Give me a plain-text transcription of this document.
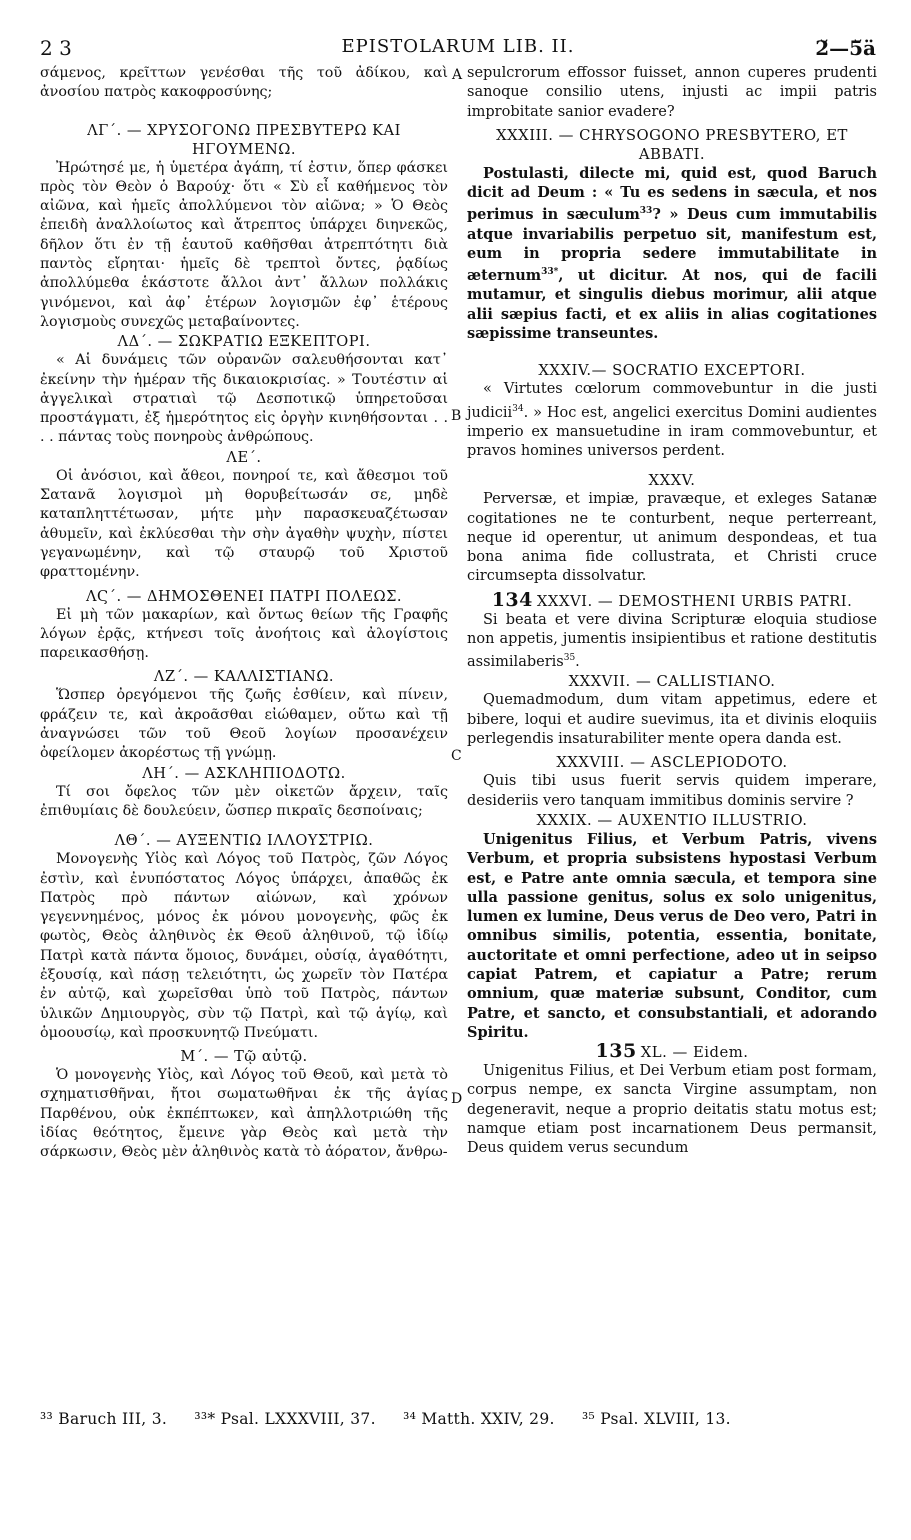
2 3	EPISTOLARUM LIB. II.	2̆—5̆ä
A
B
C
D

σάμενος, κρεῖττων γενέσθαι τῆς τοῦ ἀδίκου, καὶ ἀνοσίου πατρὸς κακοφροσύνης;

ΛΓ΄. — ΧΡΥΣΟΓΟΝΩ ΠΡΕΣΒΥΤΕΡΩ ΚΑΙ ΗΓΟΥΜΕΝΩ.

Ἠρώτησέ με, ἡ ὑμετέρα ἀγάπη, τί ἐστιν, ὅπερ φάσκει πρὸς τὸν Θεὸν ὁ Βαρούχ· ὅτι « Σὺ εἶ καθήμενος τὸν αἰῶνα, καὶ ἡμεῖς ἀπολλύμενοι τὸν αἰῶνα; » Ὁ Θεὸς ἐπειδὴ ἀναλλοίωτος καὶ ἄτρεπτος ὑπάρχει διηνεκῶς, δῆλον ὅτι ἐν τῇ ἑαυτοῦ καθῆσθαι ἀτρεπτότητι διὰ παντὸς εἴρηται· ἡμεῖς δὲ τρεπτοὶ ὄντες, ῥᾳδίως ἀπολλύμεθα ἑκάστοτε ἄλλοι ἀντ᾽ ἄλλων πολλάκις γινόμενοι, καὶ ἀφ᾽ ἑτέρων λογισμῶν ἐφ᾽ ἑτέρους λογισμοὺς συνεχῶς μεταβαίνοντες.

ΛΔ΄. — ΣΩΚΡΑΤΙΩ ΕΞΚΕΠΤΟΡΙ.

« Αἱ δυνάμεις τῶν οὐρανῶν σαλευθήσονται κατ᾽ ἐκείνην τὴν ἡμέραν τῆς δικαιοκρισίας. » Τουτέστιν αἱ ἀγγελικαὶ στρατιαὶ τῷ Δεσποτικῷ ὑπηρετοῦσαι προστάγματι, ἐξ ἡμερότητος εἰς ὀργὴν κινηθήσονται . . . . πάντας τοὺς πονηροὺς ἀνθρώπους.

ΛΕ΄.

Οἱ ἀνόσιοι, καὶ ἄθεοι, πονηροί τε, καὶ ἄθεσμοι τοῦ Σατανᾶ λογισμοὶ μὴ θορυβείτωσάν σε, μηδὲ καταπληττέτωσαν, μήτε μὴν παρασκευαζέτωσαν ἀθυμεῖν, καὶ ἐκλύεσθαι τὴν σὴν ἀγαθὴν ψυχὴν, πίστει γεγανωμένην, καὶ τῷ σταυρῷ τοῦ Χριστοῦ φραττομένην.

ΛϚ΄. — ΔΗΜΟΣΘΕΝΕΙ ΠΑΤΡΙ ΠΟΛΕΩΣ.

Εἰ μὴ τῶν μακαρίων, καὶ ὄντως θείων τῆς Γραφῆς λόγων ἐρᾷς, κτήνεσι τοῖς ἀνοήτοις καὶ ἀλογίστοις παρεικασθήσῃ.

ΛΖ΄. — ΚΑΛΛΙΣΤΙΑΝΩ.

Ὥσπερ ὀρεγόμενοι τῆς ζωῆς ἐσθίειν, καὶ πίνειν, φράζειν τε, καὶ ἀκροᾶσθαι εἰώθαμεν, οὕτω καὶ τῇ ἀναγνώσει τῶν τοῦ Θεοῦ λογίων προσανέχειν ὀφείλομεν ἀκορέστως τῇ γνώμῃ.

ΛΗ΄. — ΑΣΚΛΗΠΙΟΔΟΤΩ.

Τί σοι ὄφελος τῶν μὲν οἰκετῶν ἄρχειν, ταῖς ἐπιθυμίαις δὲ δουλεύειν, ὥσπερ πικραῖς δεσποίναις;

ΛΘ΄. — ΑΥΞΕΝΤΙΩ ΙΛΛΟΥΣΤΡΙΩ.

Μονογενὴς Υἱὸς καὶ Λόγος τοῦ Πατρὸς, ζῶν Λόγος ἐστὶν, καὶ ἐνυπόστατος Λόγος ὑπάρχει, ἀπαθῶς ἐκ Πατρὸς πρὸ πάντων αἰώνων, καὶ χρόνων γεγεννημένος, μόνος ἐκ μόνου μονογενὴς, φῶς ἐκ φωτὸς, Θεὸς ἀληθινὸς ἐκ Θεοῦ ἀληθινοῦ, τῷ ἰδίῳ Πατρὶ κατὰ πάντα ὅμοιος, δυνάμει, οὐσίᾳ, ἀγαθότητι, ἐξουσίᾳ, καὶ πάσῃ τελειότητι, ὡς χωρεῖν τὸν Πατέρα ἐν αὐτῷ, καὶ χωρεῖσθαι ὑπὸ τοῦ Πατρὸς, πάντων ὑλικῶν Δημιουργὸς, σὺν τῷ Πατρὶ, καὶ τῷ ἁγίῳ, καὶ ὁμοουσίῳ, καὶ προσκυνητῷ Πνεύματι.

Μ΄. — Τῷ αὐτῷ.

Ὁ μονογενὴς Υἱὸς, καὶ Λόγος τοῦ Θεοῦ, καὶ μετὰ τὸ σχηματισθῆναι, ἤτοι σωματωθῆναι ἐκ τῆς ἁγίας Παρθένου, οὐκ ἐκπέπτωκεν, καὶ ἀπηλλοτριώθη τῆς ἰδίας θεότητος, ἔμεινε γὰρ Θεὸς καὶ μετὰ τὴν σάρκωσιν, Θεὸς μὲν ἀληθινὸς κατὰ τὸ ἀόρατον, ἄνθρω-

sepulcrorum effossor fuisset, annon cuperes prudenti sanoque consilio utens, injusti ac impii patris improbitate sanior evadere?

XXXIII. — CHRYSOGONO PRESBYTERO, ET ABBATI.

Postulasti, dilecte mi, quid est, quod Baruch dicit ad Deum : « Tu es sedens in sæcula, et nos perimus in sæculum$^{33}$? » Deus cum immutabilis atque invariabilis perpetuo sit, manifestum est, eum in propria sedere immutabilitate in æternum$^{33*}$, ut dicitur. At nos, qui de facili mutamur, et singulis diebus morimur, alii atque alii sæpius facti, et ex aliis in alias cogitationes sæpissime transeuntes.

XXXIV.— SOCRATIO EXCEPTORI.

« Virtutes cœlorum commovebuntur in die justi judicii$^{34}$. » Hoc est, angelici exercitus Domini audientes imperio ex mansuetudine in iram commovebuntur, et pravos homines universos perdent.

XXXV.

Perversæ, et impiæ, pravæque, et exleges Satanæ cogitationes ne te conturbent, neque perterreant, neque id operentur, ut animum despondeas, et tua bona anima fide collustrata, et Christi cruce circumsepta dissolvatur.

134 XXXVI. — DEMOSTHENI URBIS PATRI.

Si beata et vere divina Scripturæ eloquia studiose non appetis, jumentis insipientibus et ratione destitutis assimilaberis$^{35}$.

XXXVII. — CALLISTIANO.

Quemadmodum, dum vitam appetimus, edere et bibere, loqui et audire suevimus, ita et divinis eloquiis perlegendis insaturabiliter mente opera danda est.

XXXVIII. — ASCLEPIODOTO.

Quis tibi usus fuerit servis quidem imperare, desideriis vero tanquam immitibus dominis servire ?

XXXIX. — AUXENTIO ILLUSTRIO.

Unigenitus Filius, et Verbum Patris, vivens Verbum, et propria subsistens hypostasi Verbum est, e Patre ante omnia sæcula, et tempora sine ulla passione genitus, solus ex solo unigenitus, lumen ex lumine, Deus verus de Deo vero, Patri in omnibus similis, potentia, essentia, bonitate, auctoritate et omni perfectione, adeo ut in seipso capiat Patrem, et capiatur a Patre; rerum omnium, quæ materiæ subsunt, Conditor, cum Patre, et sancto, et consubstantiali, et adorando Spiritu.

135 XL. — Eidem.

Unigenitus Filius, et Dei Verbum etiam post formam, corpus nempe, ex sancta Virgine assumptam, non degeneravit, neque a proprio deitatis statu motus est; namque etiam post incarnationem Deus permansit, Deus quidem verus secundum

³³ Baruch III, 3. ³³* Psal. LXXXVIII, 37. ³⁴ Matth. XXIV, 29. ³⁵ Psal. XLVIII, 13.
